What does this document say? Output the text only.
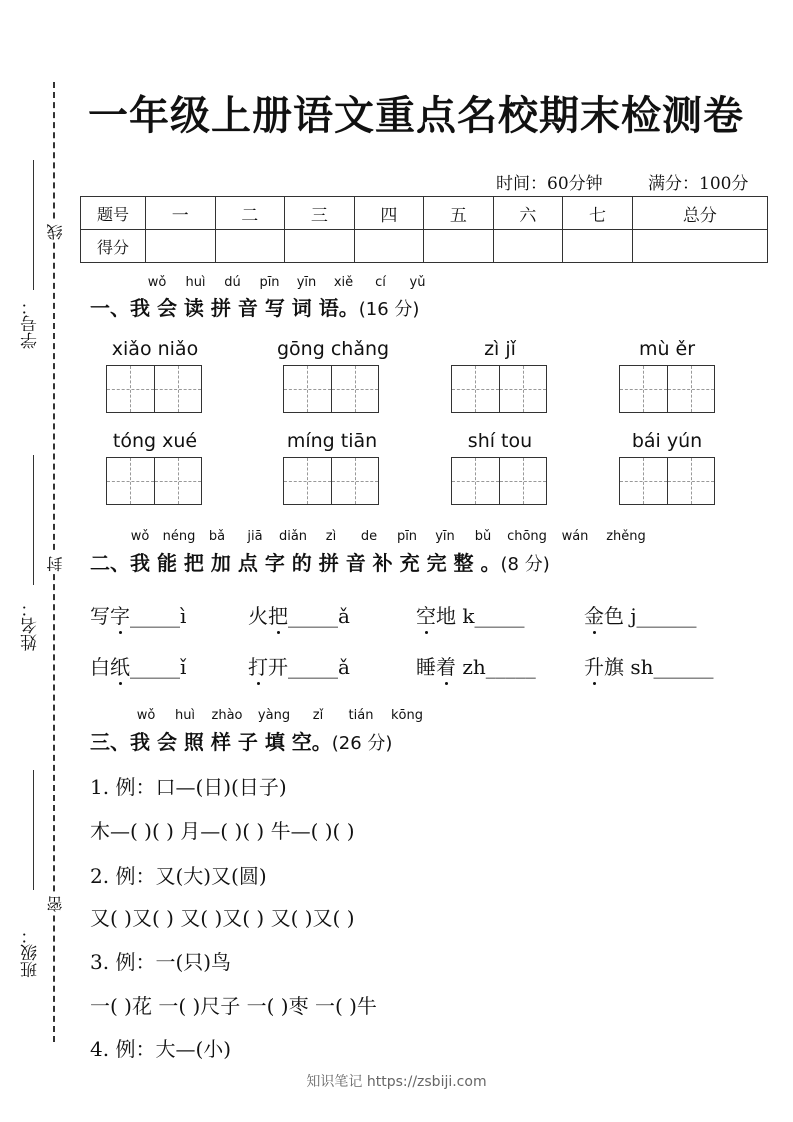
线
封
密
学号：
姓名：
班级：
一年级上册语文重点名校期末检测卷
时间：60分钟	满分：100分
题号	一	二	三	四	五	六	七	总分
得分								
wǒ huì dú pīn yīn xiě cí yǔ
一、我 会 读 拼 音 写 词 语。(16 分)
xiǎo niǎo	gōng chǎng	zì jǐ	mù ěr
tóng xué	míng tiān	shí tou	bái yún
wǒ néng bǎ jiā diǎn zì de pīn yīn bǔ chōng wán zhěng
二、我 能 把 加 点 字 的 拼 音 补 充 完 整 。(8 分)
写字_____ì	火把_____ǎ	空地 k_____	金色 j______
白纸_____ǐ	打开_____ǎ	睡着 zh_____ 升旗 sh______
wǒ huì zhào yàng zǐ tián kōng
三、我 会 照 样 子 填 空。(26 分)
1. 例：口—(日)(日子)
木—( )( ) 月—( )( ) 牛—( )( )
2. 例：又(大)又(圆)
又( )又( ) 又( )又( ) 又( )又( )
3. 例：一(只)鸟
一( )花 一( )尺子 一( )枣 一( )牛
4. 例：大—(小)
知识笔记 https://zsbiji.com
